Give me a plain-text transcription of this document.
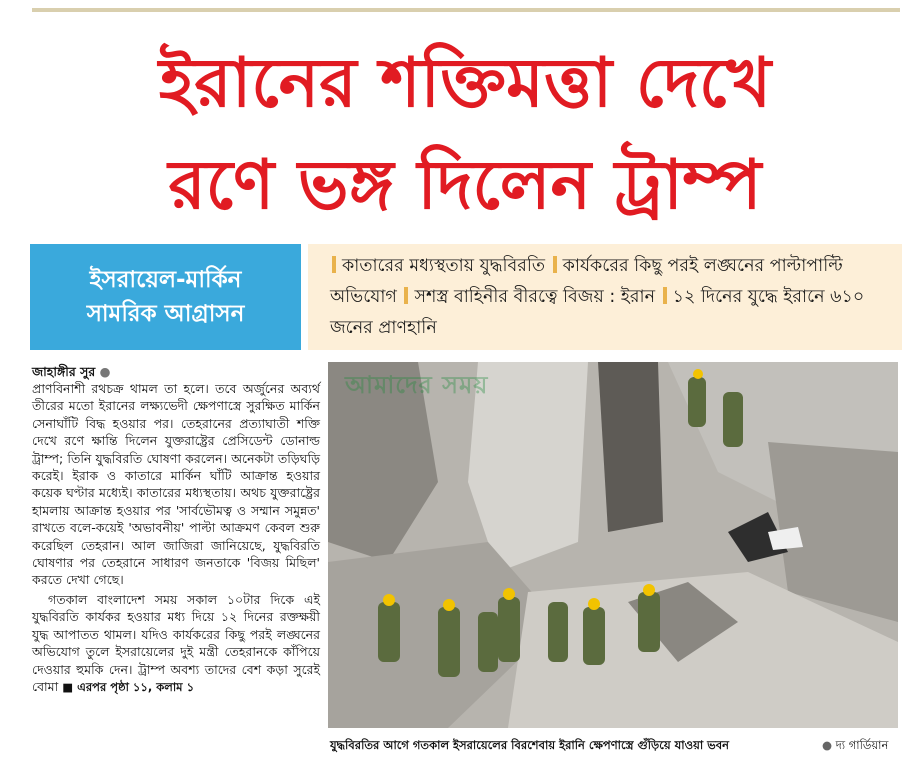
ইরানের শক্তিমত্তা দেখে
রণে ভঙ্গ দিলেন ট্রাম্প
ইসরায়েল-মার্কিন
সামরিক আগ্রাসন
কাতারের মধ্যস্থতায় যুদ্ধবিরতি কার্যকরের কিছু পরই লঙ্ঘনের পাল্টাপাল্টি অভিযোগ সশস্ত্র বাহিনীর বীরত্বে বিজয় : ইরান ১২ দিনের যুদ্ধে ইরানে ৬১০ জনের প্রাণহানি
জাহাঙ্গীর সুর ●

প্রাণবিনাশী রথচক্র থামল তা হলে। তবে অর্জুনের অব্যর্থ তীরের মতো ইরানের লক্ষ্যভেদী ক্ষেপণাস্ত্রে সুরক্ষিত মার্কিন সেনাঘাঁটি বিদ্ধ হওয়ার পর। তেহরানের প্রত্যাঘাতী শক্তি দেখে রণে ক্ষান্তি দিলেন যুক্তরাষ্ট্রের প্রেসিডেন্ট ডোনাল্ড ট্রাম্প; তিনি যুদ্ধবিরতি ঘোষণা করলেন। অনেকটা তড়িঘড়ি করেই। ইরাক ও কাতারে মার্কিন ঘাঁটি আক্রান্ত হওয়ার কয়েক ঘণ্টার মধ্যেই। কাতারের মধ্যস্থতায়। অথচ যুক্তরাষ্ট্রের হামলায় আক্রান্ত হওয়ার পর 'সার্বভৌমত্ব ও সম্মান সমুন্নত' রাখতে বলে-কয়েই 'অভাবনীয়' পাল্টা আক্রমণ কেবল শুরু করেছিল তেহরান। আল জাজিরা জানিয়েছে, যুদ্ধবিরতি ঘোষণার পর তেহরানে সাধারণ জনতাকে 'বিজয় মিছিল' করতে দেখা গেছে।

গতকাল বাংলাদেশ সময় সকাল ১০টার দিকে এই যুদ্ধবিরতি কার্যকর হওয়ার মধ্য দিয়ে ১২ দিনের রক্তক্ষয়ী যুদ্ধ আপাতত থামল। যদিও কার্যকরের কিছু পরই লঙ্ঘনের অভিযোগ তুলে ইসরায়েলের দুই মন্ত্রী তেহরানকে কাঁপিয়ে দেওয়ার হুমকি দেন। ট্রাম্প অবশ্য তাদের বেশ কড়া সুরেই বোমা ■ এরপর পৃষ্ঠা ১১, কলাম ১

আমাদের সময়
যুদ্ধবিরতির আগে গতকাল ইসরায়েলের বিরশেবায় ইরানি ক্ষেপণাস্ত্রে গুঁড়িয়ে যাওয়া ভবন	● দ্য গার্ডিয়ান
